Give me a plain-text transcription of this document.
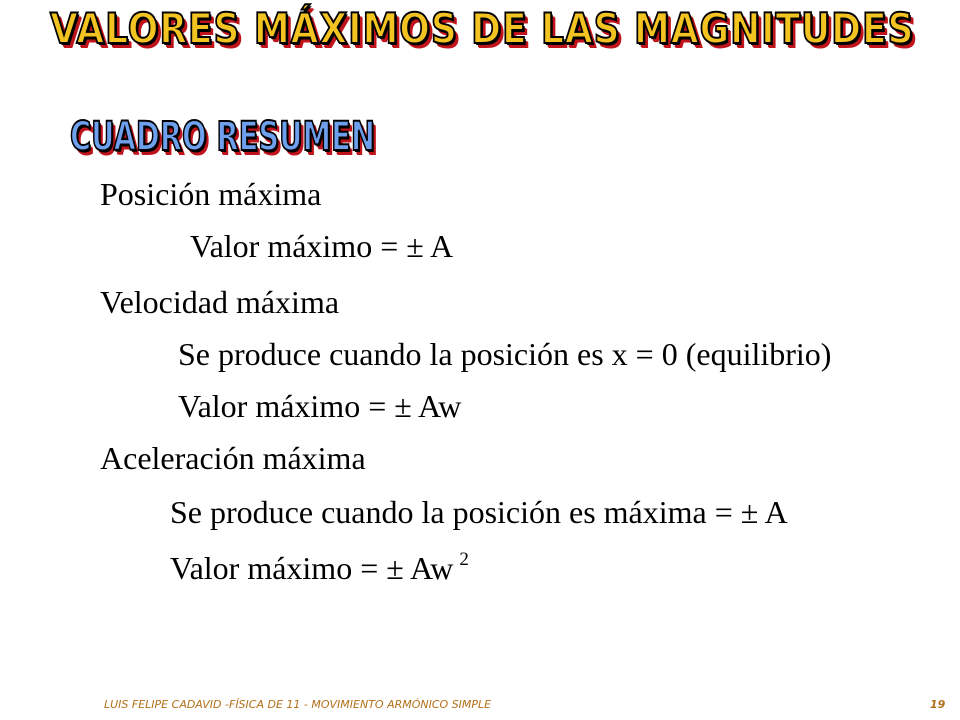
VALORES MÁXIMOS DE LAS MAGNITUDES
CUADRO RESUMEN
Posición máxima
Valor máximo = ± A
Velocidad máxima
Se produce cuando la posición es x = 0 (equilibrio)
Valor máximo = ± Aw
Aceleración máxima
Se produce cuando la posición es máxima = ± A
Valor máximo = ± Aw $^2$
LUIS FELIPE CADAVID -FÍSICA DE 11 - MOVIMIENTO ARMÓNICO SIMPLE	19
